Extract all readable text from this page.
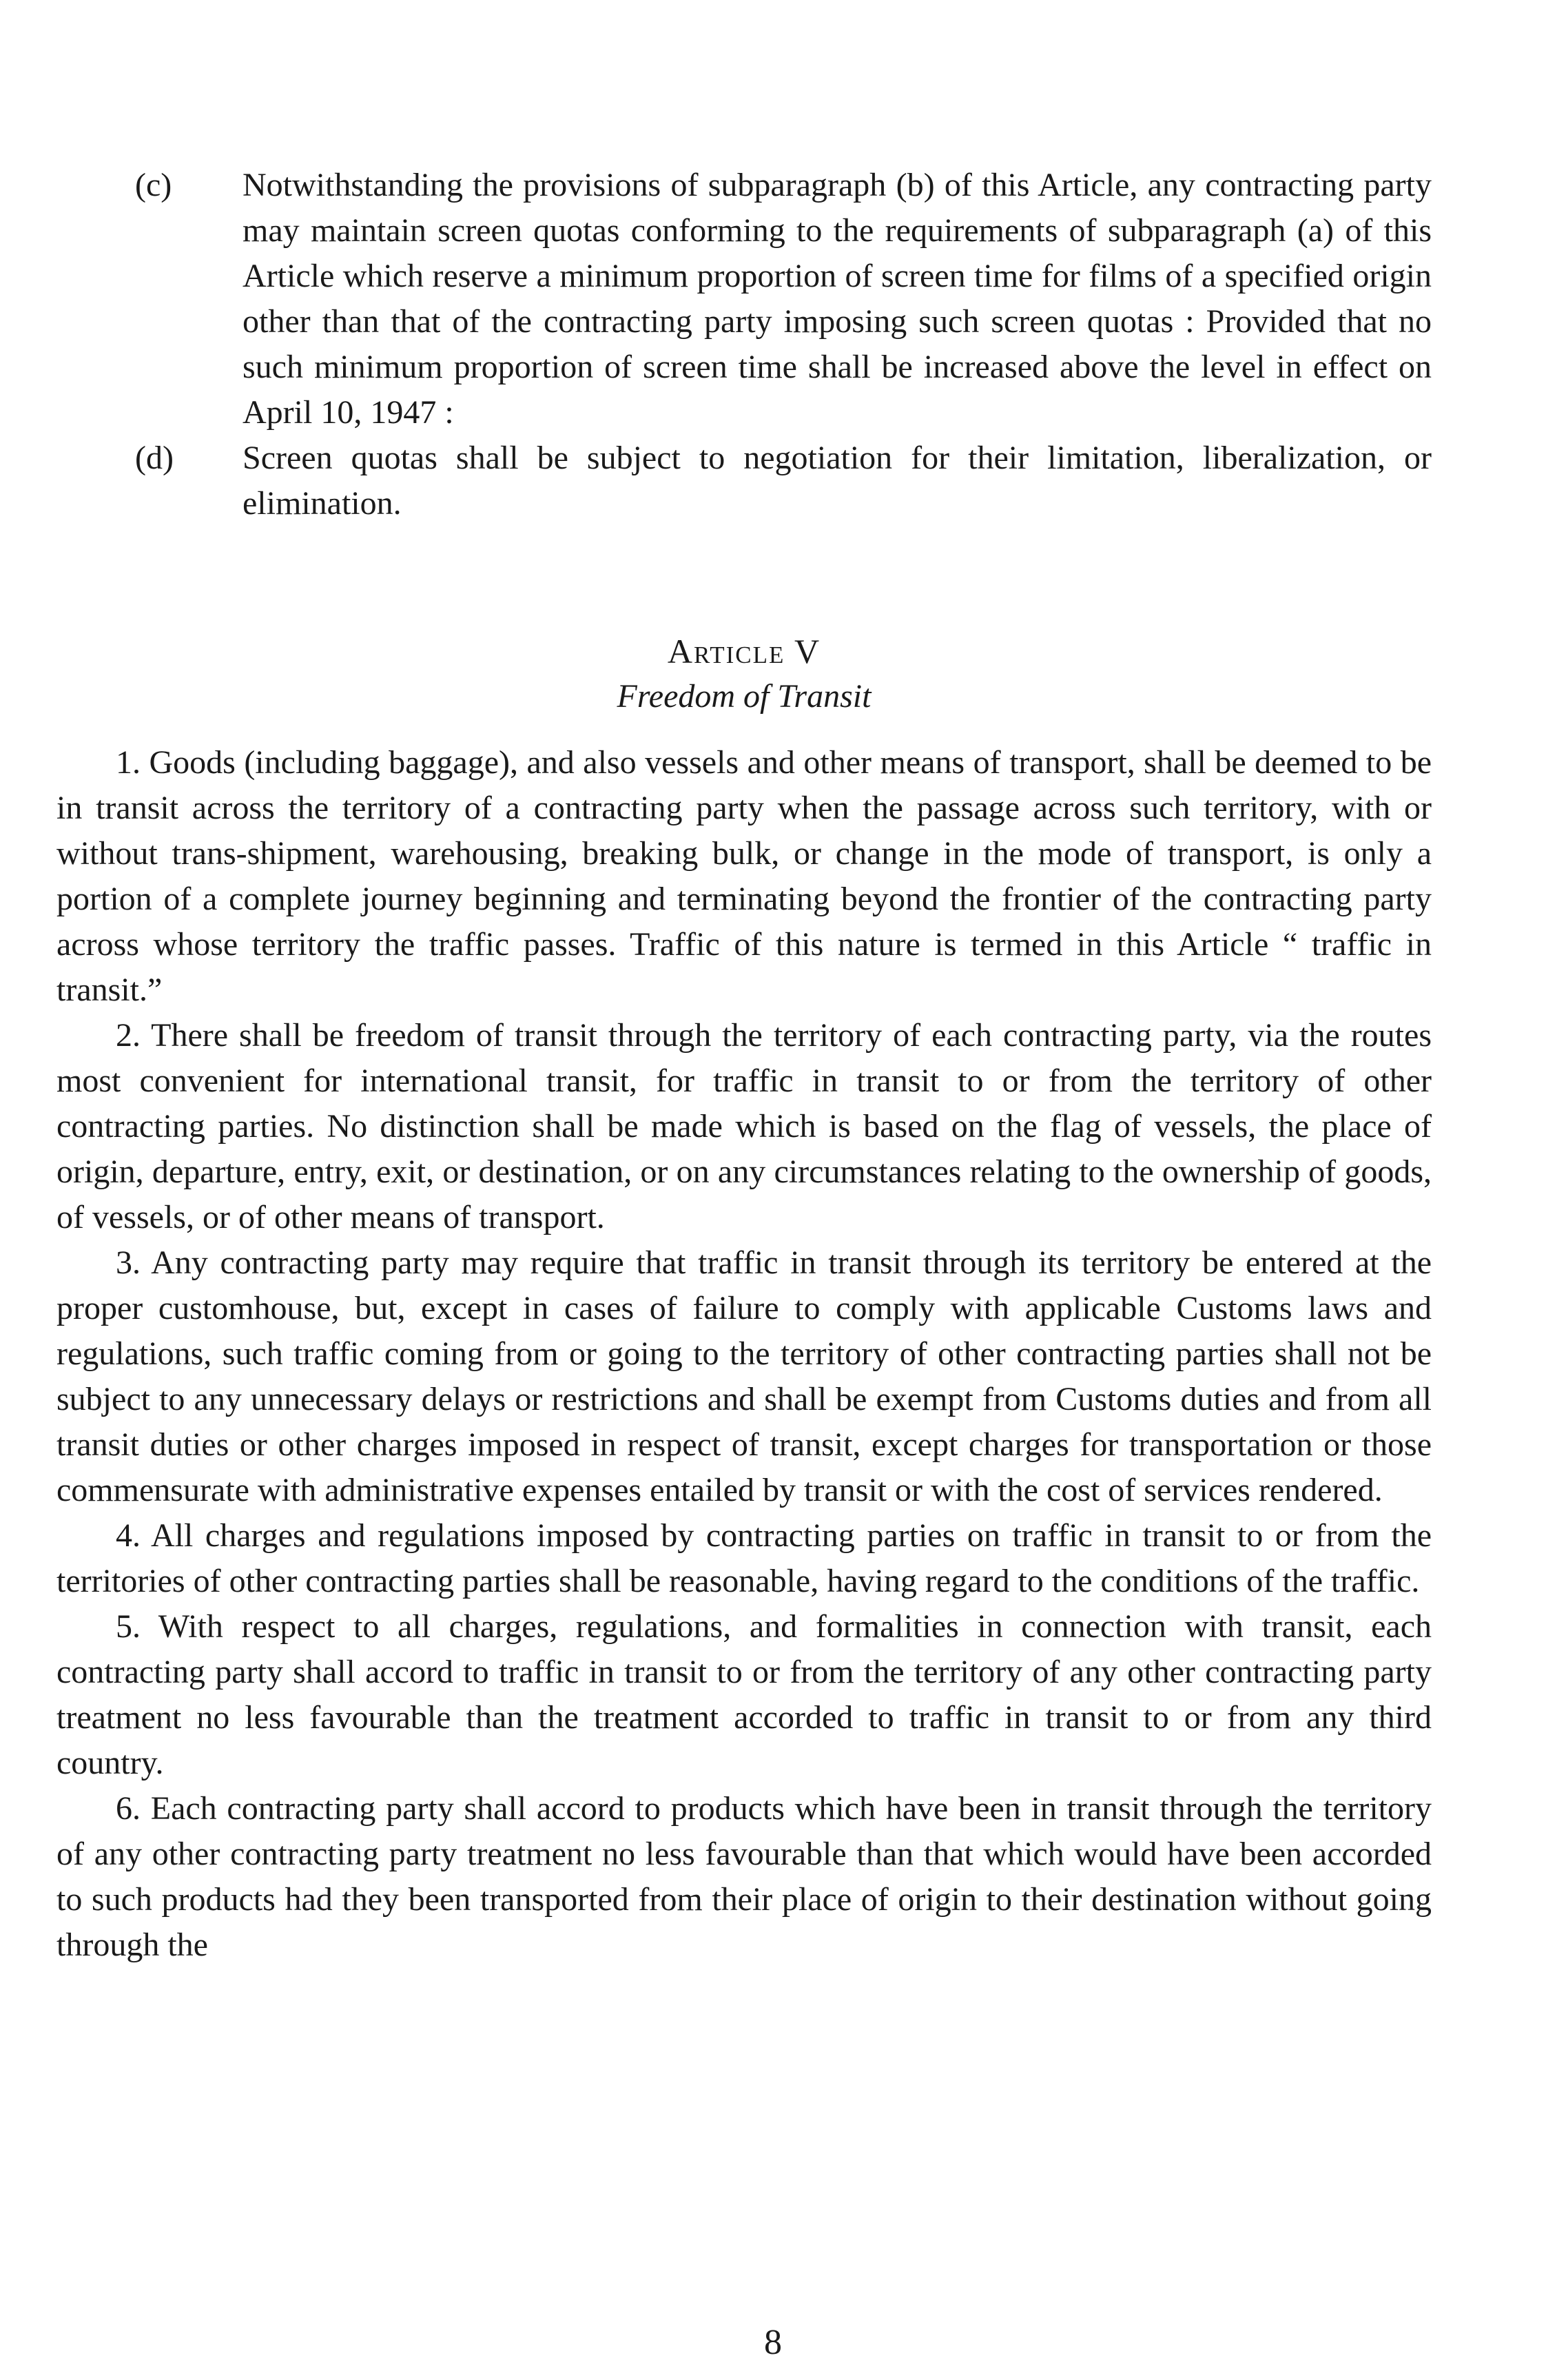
(c)	Notwithstanding the provisions of subparagraph (b) of this Article, any contracting party may maintain screen quotas conforming to the requirements of subparagraph (a) of this Article which reserve a minimum proportion of screen time for films of a specified origin other than that of the contracting party imposing such screen quotas : Provided that no such minimum proportion of screen time shall be increased above the level in effect on April 10, 1947 :

(d)	Screen quotas shall be subject to negotiation for their limitation, liberalization, or elimination.

Article V

Freedom of Transit

1. Goods (including baggage), and also vessels and other means of transport, shall be deemed to be in transit across the territory of a contracting party when the passage across such territory, with or without trans-shipment, warehousing, breaking bulk, or change in the mode of transport, is only a portion of a complete journey beginning and terminating beyond the frontier of the contracting party across whose territory the traffic passes. Traffic of this nature is termed in this Article “ traffic in transit.”

2. There shall be freedom of transit through the territory of each contracting party, via the routes most convenient for international transit, for traffic in transit to or from the territory of other contracting parties. No distinction shall be made which is based on the flag of vessels, the place of origin, departure, entry, exit, or destination, or on any circumstances relating to the ownership of goods, of vessels, or of other means of transport.

3. Any contracting party may require that traffic in transit through its territory be entered at the proper customhouse, but, except in cases of failure to comply with applicable Customs laws and regulations, such traffic coming from or going to the territory of other contracting parties shall not be subject to any unnecessary delays or restrictions and shall be exempt from Customs duties and from all transit duties or other charges imposed in respect of transit, except charges for transportation or those commensurate with administrative expenses entailed by transit or with the cost of services rendered.

4. All charges and regulations imposed by contracting parties on traffic in transit to or from the territories of other contracting parties shall be reasonable, having regard to the conditions of the traffic.

5. With respect to all charges, regulations, and formalities in connection with transit, each contracting party shall accord to traffic in transit to or from the territory of any other contracting party treatment no less favourable than the treatment accorded to traffic in transit to or from any third country.

6. Each contracting party shall accord to products which have been in transit through the territory of any other contracting party treatment no less favourable than that which would have been accorded to such products had they been transported from their place of origin to their destination without going through the

8
